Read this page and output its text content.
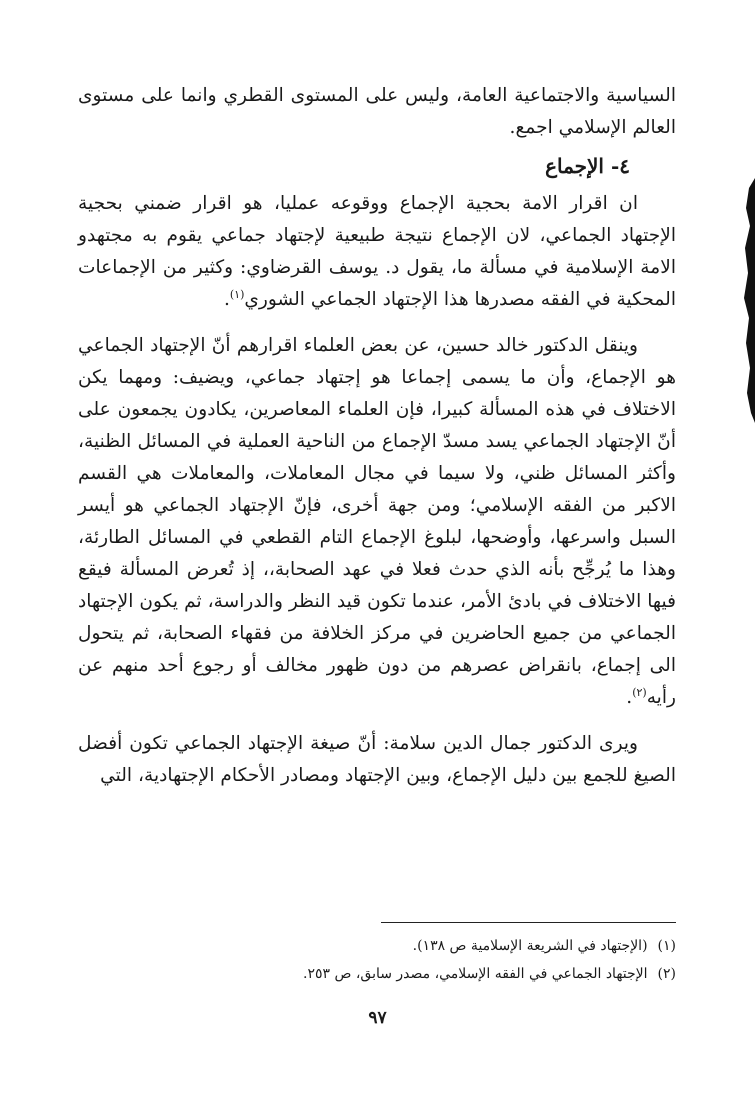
السياسية والاجتماعية العامة، وليس على المستوى القطري وانما على مستوى العالم الإسلامي اجمع.

٤- الإجماع

ان اقرار الامة بحجية الإجماع ووقوعه عمليا، هو اقرار ضمني بحجية الإجتهاد الجماعي، لان الإجماع نتيجة طبيعية لإجتهاد جماعي يقوم به مجتهدو الامة الإسلامية في مسألة ما، يقول د. يوسف القرضاوي: وكثير من الإجماعات المحكية في الفقه مصدرها هذا الإجتهاد الجماعي الشوري$^{(١)}$.

وينقل الدكتور خالد حسين، عن بعض العلماء اقرارهم أنّ الإجتهاد الجماعي هو الإجماع، وأن ما يسمى إجماعا هو إجتهاد جماعي، ويضيف: ومهما يكن الاختلاف في هذه المسألة كبيرا، فإن العلماء المعاصرين، يكادون يجمعون على أنّ الإجتهاد الجماعي يسد مسدّ الإجماع من الناحية العملية في المسائل الظنية، وأكثر المسائل ظني، ولا سيما في مجال المعاملات، والمعاملات هي القسم الاكبر من الفقه الإسلامي؛ ومن جهة أخرى، فإنّ الإجتهاد الجماعي هو أيسر السبل واسرعها، وأوضحها، لبلوغ الإجماع التام القطعي في المسائل الطارئة، وهذا ما يُرجِّح بأنه الذي حدث فعلا في عهد الصحابة،، إذ تُعرض المسألة فيقع فيها الاختلاف في بادئ الأمر، عندما تكون قيد النظر والدراسة، ثم يكون الإجتهاد الجماعي من جميع الحاضرين في مركز الخلافة من فقهاء الصحابة، ثم يتحول الى إجماع، بانقراض عصرهم من دون ظهور مخالف أو رجوع أحد منهم عن رأيه$^{(٢)}$.

ويرى الدكتور جمال الدين سلامة: أنّ صيغة الإجتهاد الجماعي تكون أفضل الصيغ للجمع بين دليل الإجماع، وبين الإجتهاد ومصادر الأحكام الإجتهادية، التي

(١)(الإجتهاد في الشريعة الإسلامية ص ١٣٨).

(٢)الإجتهاد الجماعي في الفقه الإسلامي، مصدر سابق، ص ٢٥٣.

٩٧
